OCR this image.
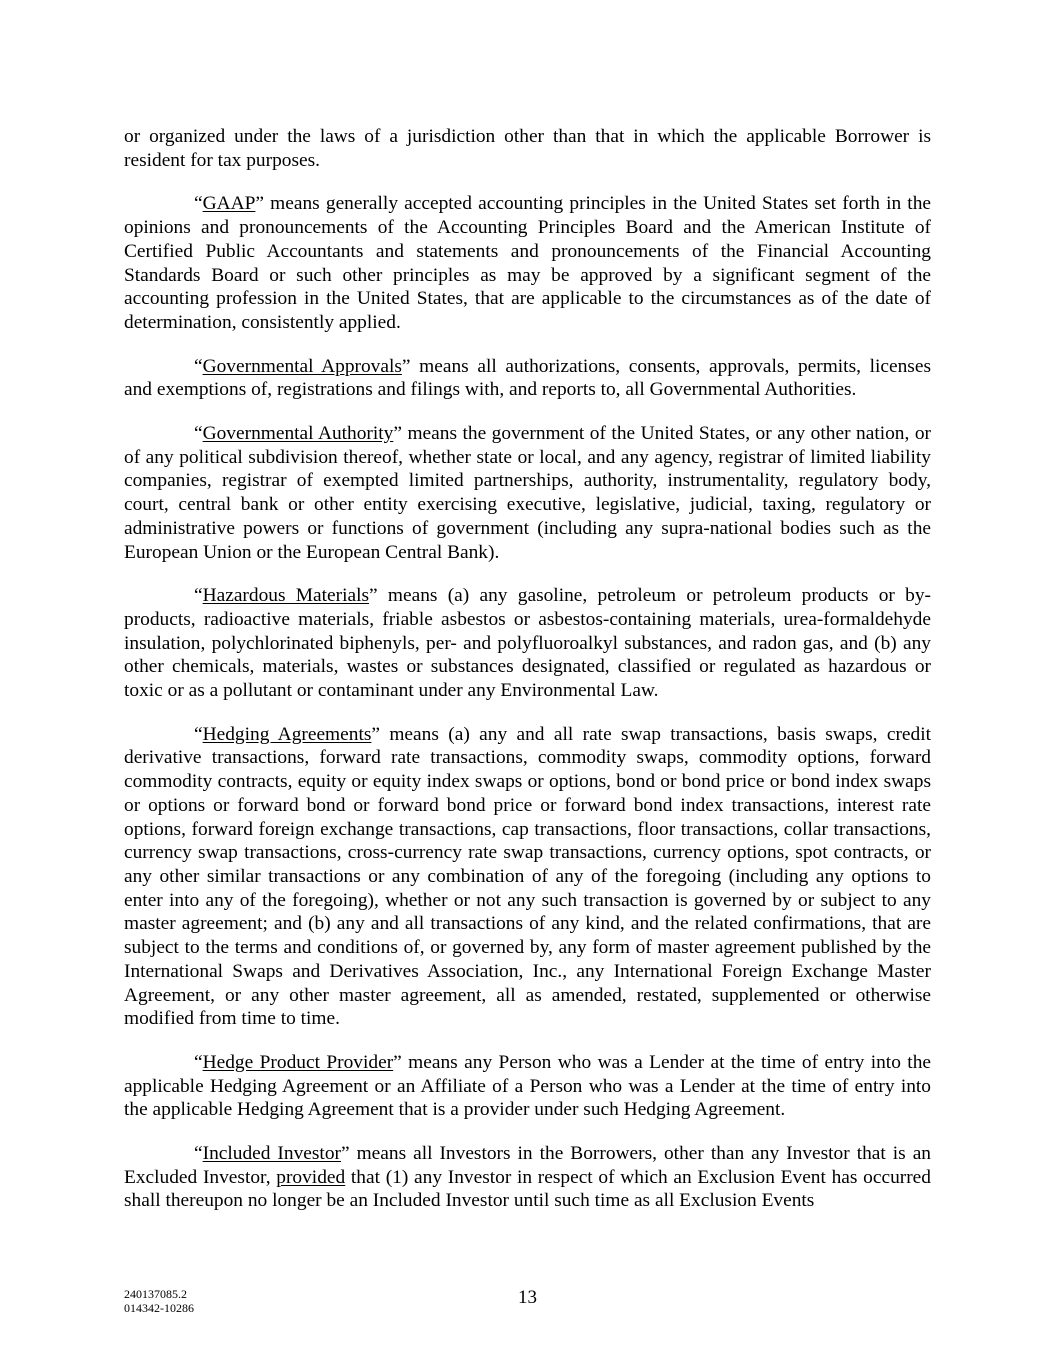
or organized under the laws of a jurisdiction other than that in which the applicable Borrower is resident for tax purposes.

“GAAP” means generally accepted accounting principles in the United States set forth in the opinions and pronouncements of the Accounting Principles Board and the American Institute of Certified Public Accountants and statements and pronouncements of the Financial Accounting Standards Board or such other principles as may be approved by a significant segment of the accounting profession in the United States, that are applicable to the circumstances as of the date of determination, consistently applied.

“Governmental Approvals” means all authorizations, consents, approvals, permits, licenses and exemptions of, registrations and filings with, and reports to, all Governmental Authorities.

“Governmental Authority” means the government of the United States, or any other nation, or of any political subdivision thereof, whether state or local, and any agency, registrar of limited liability companies, registrar of exempted limited partnerships, authority, instrumentality, regulatory body, court, central bank or other entity exercising executive, legislative, judicial, taxing, regulatory or administrative powers or functions of government (including any supra-national bodies such as the European Union or the European Central Bank).

“Hazardous Materials” means (a) any gasoline, petroleum or petroleum products or by-products, radioactive materials, friable asbestos or asbestos-containing materials, urea-formaldehyde insulation, polychlorinated biphenyls, per- and polyfluoroalkyl substances, and radon gas, and (b) any other chemicals, materials, wastes or substances designated, classified or regulated as hazardous or toxic or as a pollutant or contaminant under any Environmental Law.

“Hedging Agreements” means (a) any and all rate swap transactions, basis swaps, credit derivative transactions, forward rate transactions, commodity swaps, commodity options, forward commodity contracts, equity or equity index swaps or options, bond or bond price or bond index swaps or options or forward bond or forward bond price or forward bond index transactions, interest rate options, forward foreign exchange transactions, cap transactions, floor transactions, collar transactions, currency swap transactions, cross-currency rate swap transactions, currency options, spot contracts, or any other similar transactions or any combination of any of the foregoing (including any options to enter into any of the foregoing), whether or not any such transaction is governed by or subject to any master agreement; and (b) any and all transactions of any kind, and the related confirmations, that are subject to the terms and conditions of, or governed by, any form of master agreement published by the International Swaps and Derivatives Association, Inc., any International Foreign Exchange Master Agreement, or any other master agreement, all as amended, restated, supplemented or otherwise modified from time to time.

“Hedge Product Provider” means any Person who was a Lender at the time of entry into the applicable Hedging Agreement or an Affiliate of a Person who was a Lender at the time of entry into the applicable Hedging Agreement that is a provider under such Hedging Agreement.

“Included Investor” means all Investors in the Borrowers, other than any Investor that is an Excluded Investor, provided that (1) any Investor in respect of which an Exclusion Event has occurred shall thereupon no longer be an Included Investor until such time as all Exclusion Events

240137085.2
014342-10286	13
